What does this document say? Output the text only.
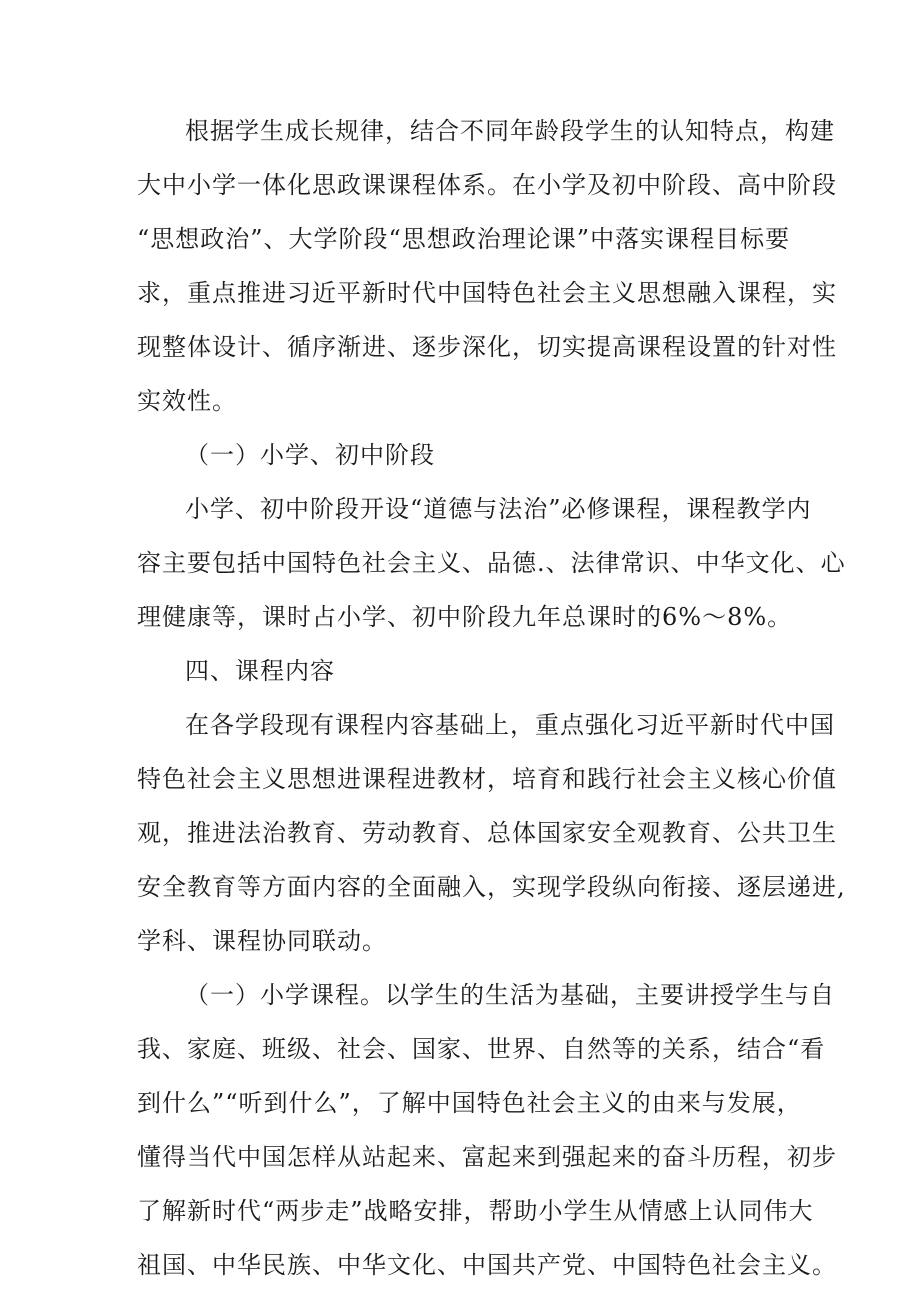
根据学生成长规律，结合不同年龄段学生的认知特点，构建
大中小学一体化思政课课程体系。在小学及初中阶段、高中阶段
“思想政治”、大学阶段“思想政治理论课”中落实课程目标要
求，重点推进习近平新时代中国特色社会主义思想融入课程，实
现整体设计、循序渐进、逐步深化，切实提高课程设置的针对性
实效性。
（一）小学、初中阶段
小学、初中阶段开设“道德与法治”必修课程，课程教学内
容主要包括中国特色社会主义、品德.、法律常识、中华文化、心
理健康等，课时占小学、初中阶段九年总课时的6%～8%。
四、课程内容
在各学段现有课程内容基础上，重点强化习近平新时代中国
特色社会主义思想进课程进教材，培育和践行社会主义核心价值
观，推进法治教育、劳动教育、总体国家安全观教育、公共卫生
安全教育等方面内容的全面融入，实现学段纵向衔接、逐层递进,
学科、课程协同联动。
（一）小学课程。以学生的生活为基础，主要讲授学生与自
我、家庭、班级、社会、国家、世界、自然等的关系，结合“看
到什么”“听到什么”，了解中国特色社会主义的由来与发展，
懂得当代中国怎样从站起来、富起来到强起来的奋斗历程，初步
了解新时代“两步走”战略安排，帮助小学生从情感上认同伟大
祖国、中华民族、中华文化、中国共产党、中国特色社会主义。
